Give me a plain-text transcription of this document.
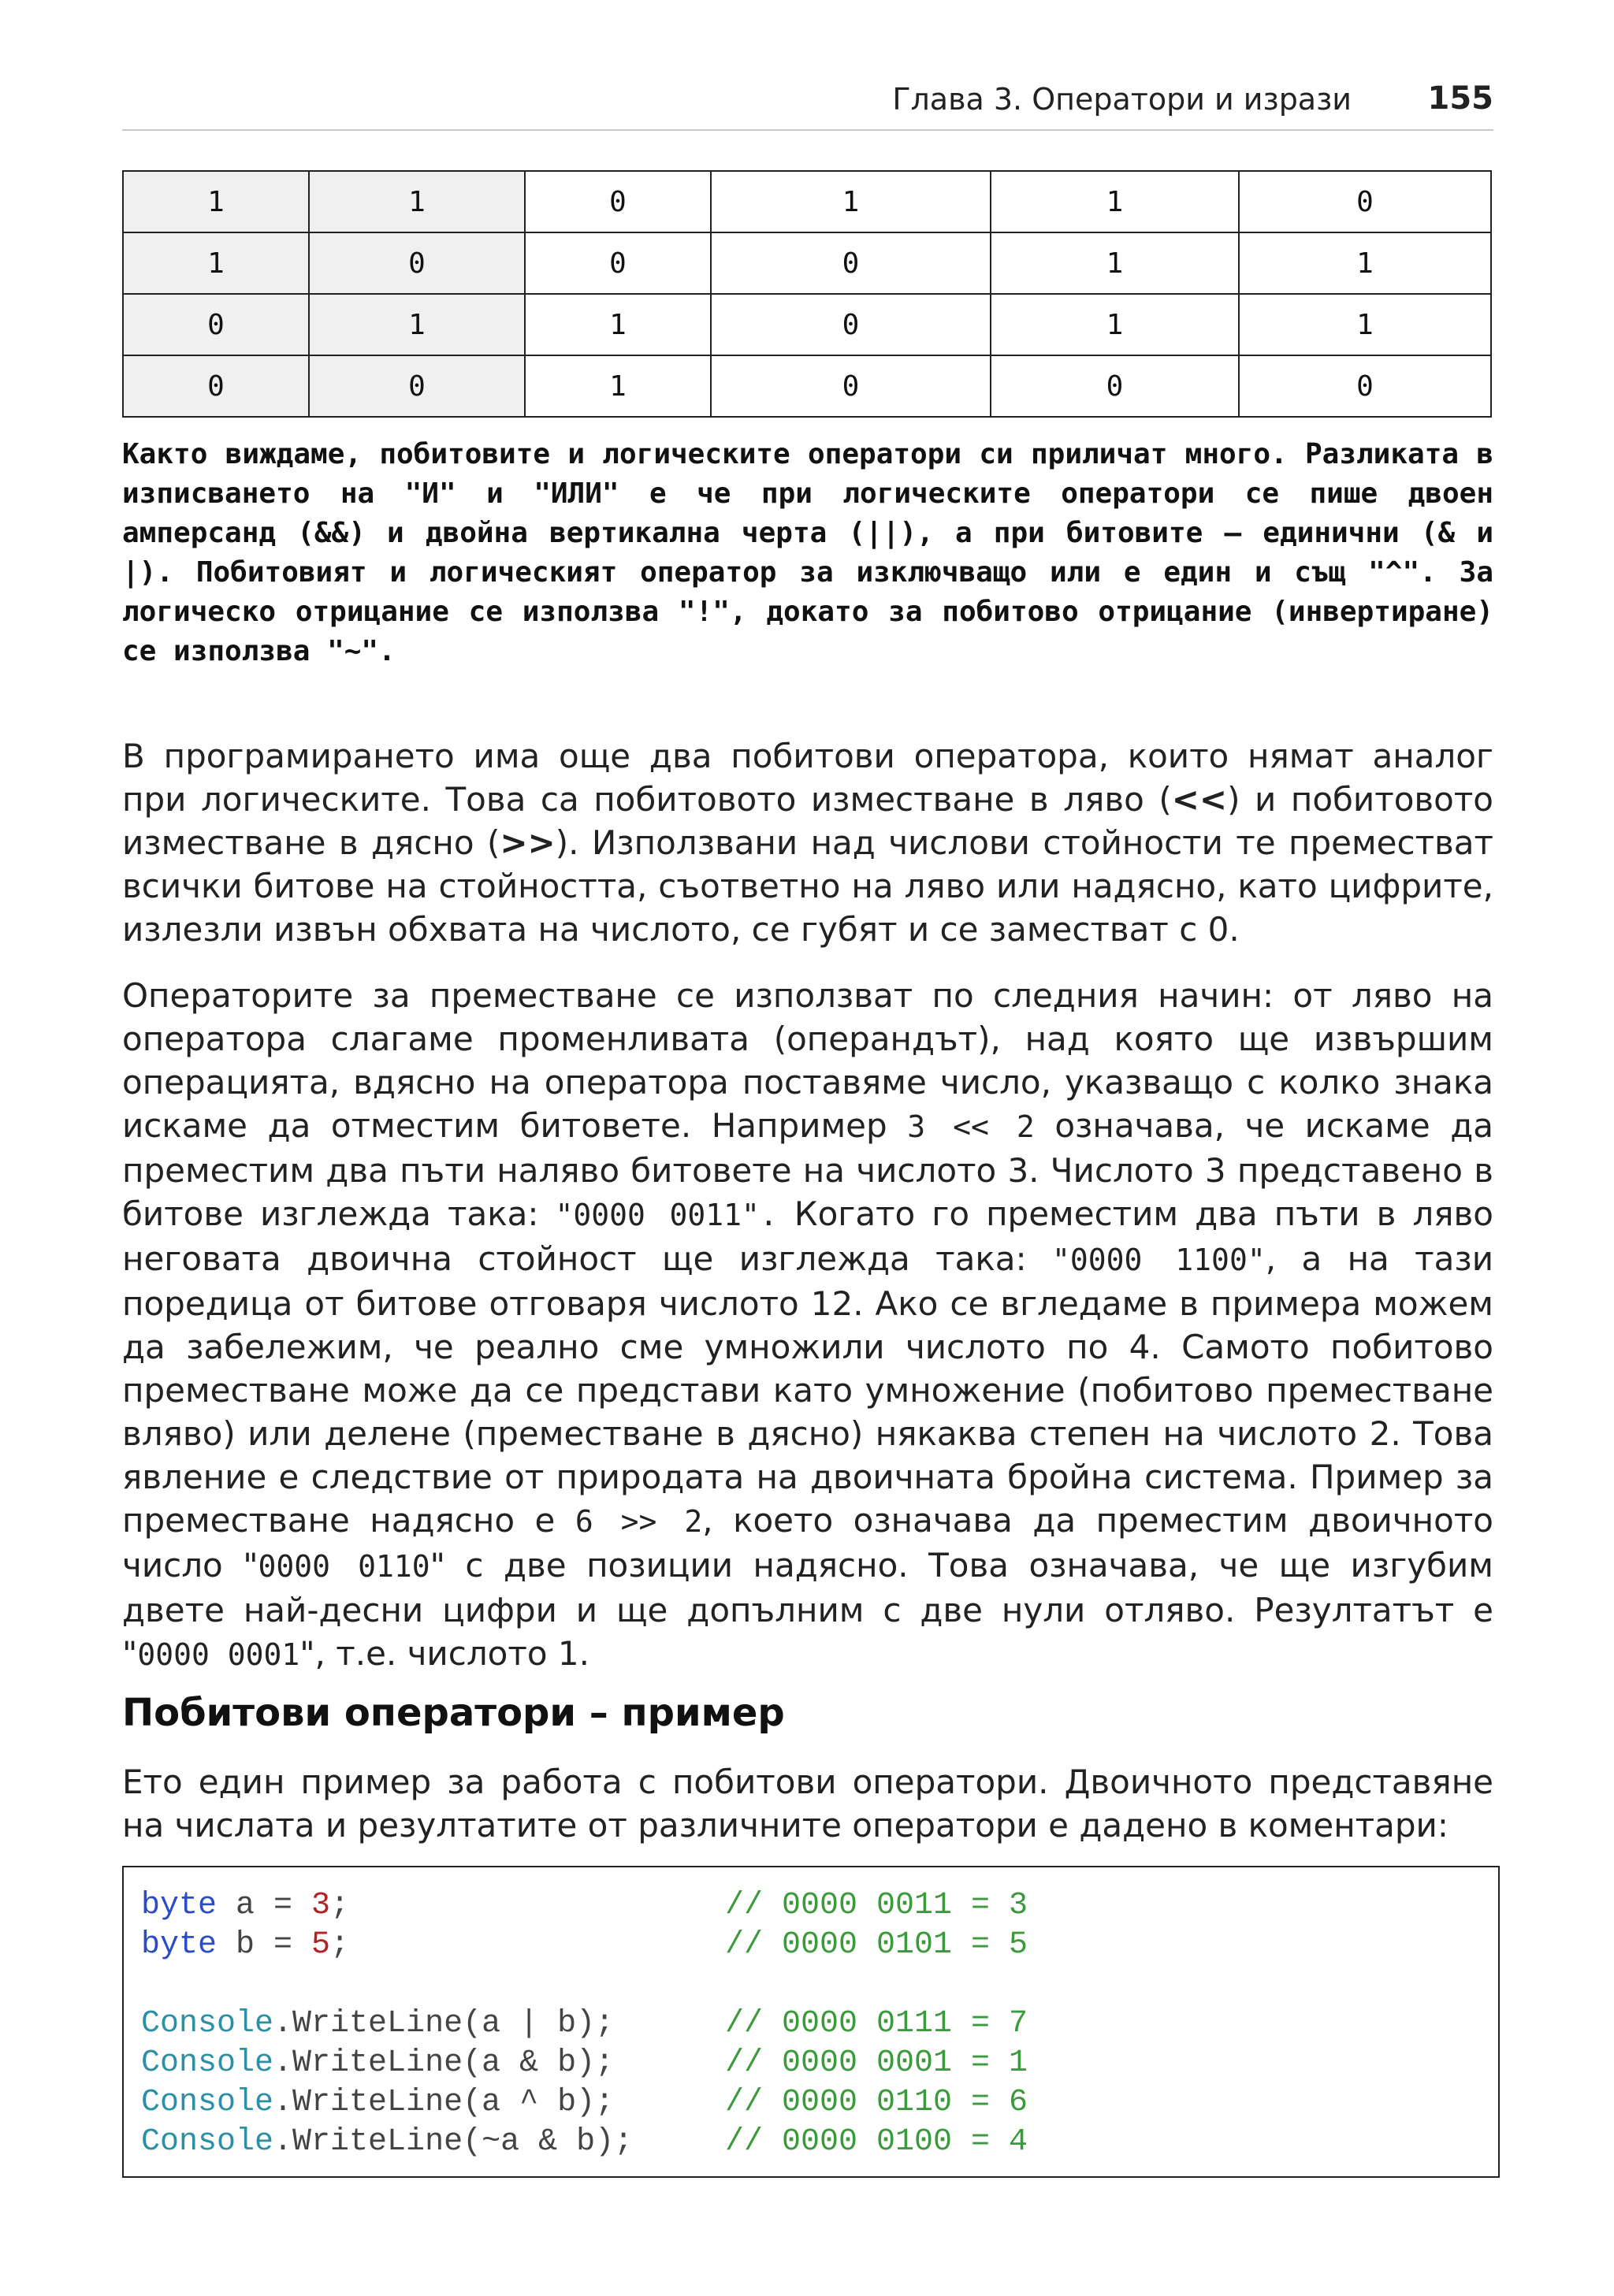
Глава 3. Оператори и изрази 155
1	1	0	1	1	0
1	0	0	0	1	1
0	1	1	0	1	1
0	0	1	0	0	0

Както виждаме, побитовите и логическите оператори си приличат много. Разликата в изписването на "И" и "ИЛИ" е че при логическите оператори се пише двоен амперсанд (&&) и двойна вертикална черта (||), а при битовите – единични (& и |). Побитовият и логическият оператор за изключващо или е един и същ "^". За логическо отрицание се използва "!", докато за побитово отрицание (инвертиране) се използва "~".

В програмирането има още два побитови оператора, които нямат аналог при логическите. Това са побитовото изместване в ляво (<<) и побитовото изместване в дясно (>>). Използвани над числови стойности те преместват всички битове на стойността, съответно на ляво или надясно, като цифрите, излезли извън обхвата на числото, се губят и се заместват с 0.

Операторите за преместване се използват по следния начин: от ляво на оператора слагаме променливата (операндът), над която ще извършим операцията, вдясно на оператора поставяме число, указващо с колко знака искаме да отместим битовете. Например 3 << 2 означава, че искаме да преместим два пъти наляво битовете на числото 3. Числото 3 представено в битове изглежда така: "0000 0011". Когато го преместим два пъти в ляво неговата двоична стойност ще изглежда така: "0000 1100", а на тази поредица от битове отговаря числото 12. Ако се вгледаме в примера можем да забележим, че реално сме умножили числото по 4. Самото побитово преместване може да се представи като умножение (побитово преместване вляво) или делене (преместване в дясно) някаква степен на числото 2. Това явление е следствие от природата на двоичната бройна система. Пример за преместване надясно е 6 >> 2, което означава да преместим двоичното число "0000 0110" с две позиции надясно. Това означава, че ще изгубим двете най-десни цифри и ще допълним с две нули отляво. Резултатът е "0000 0001", т.е. числото 1.

Побитови оператори – пример

Ето един пример за работа с побитови оператори. Двоичното представяне на числата и резултатите от различните оператори е дадено в коментари:

byte a = 3;	// 0000 0011 = 3
byte b = 5;	// 0000 0101 = 5
Console.WriteLine(a | b);	// 0000 0111 = 7
Console.WriteLine(a & b);	// 0000 0001 = 1
Console.WriteLine(a ^ b);	// 0000 0110 = 6
Console.WriteLine(~a & b);	// 0000 0100 = 4
